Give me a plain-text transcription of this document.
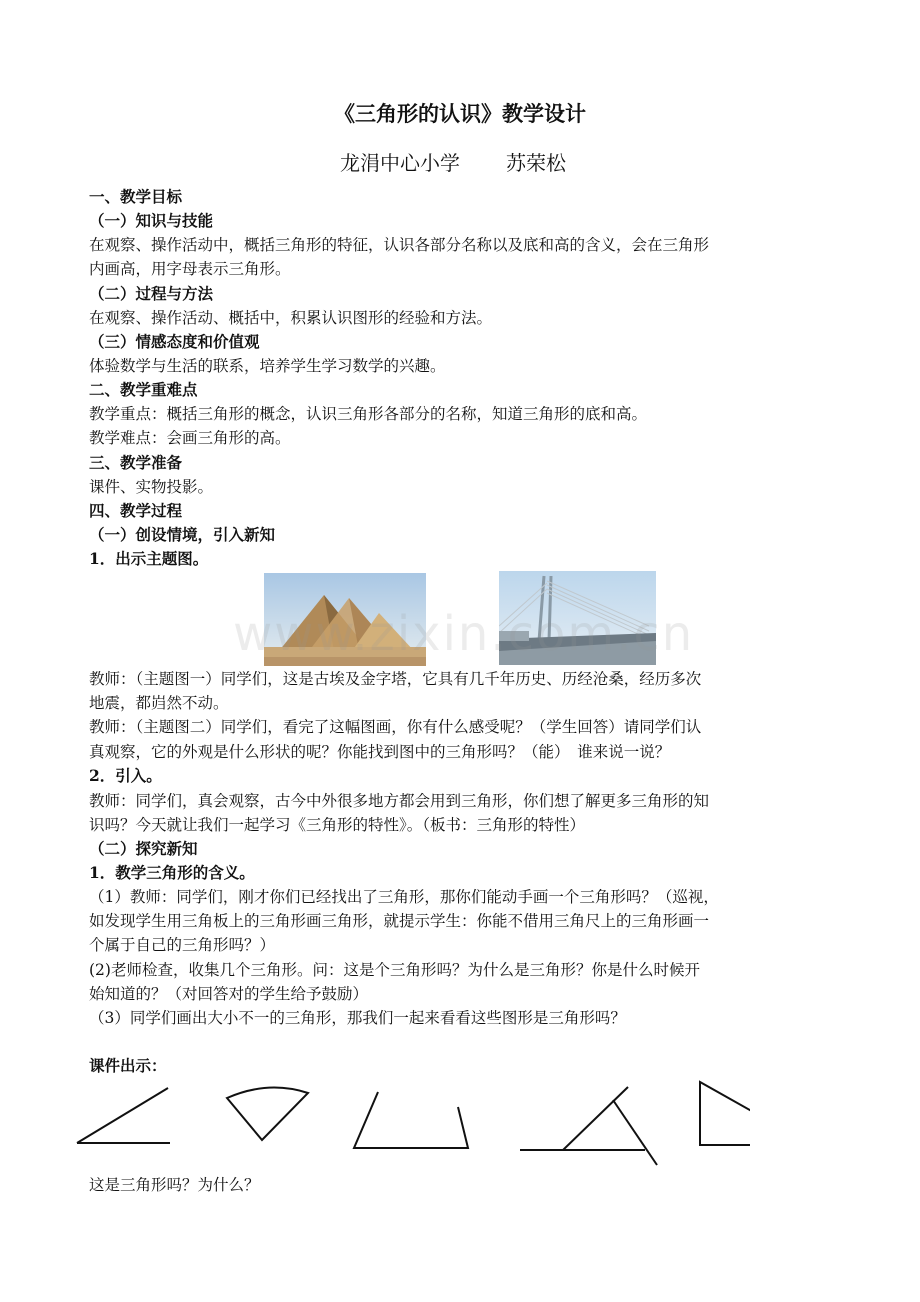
《三角形的认识》教学设计
龙涓中心小学 苏荣松
一、教学目标
（一）知识与技能
在观察、操作活动中，概括三角形的特征，认识各部分名称以及底和高的含义，会在三角形
内画高，用字母表示三角形。
（二）过程与方法
在观察、操作活动、概括中，积累认识图形的经验和方法。
（三）情感态度和价值观
体验数学与生活的联系，培养学生学习数学的兴趣。
二、教学重难点
教学重点：概括三角形的概念，认识三角形各部分的名称，知道三角形的底和高。
教学难点：会画三角形的高。
三、教学准备
课件、实物投影。
四、教学过程
（一）创设情境，引入新知
1．出示主题图。
www.zixin.com.cn
教师：（主题图一）同学们，这是古埃及金字塔，它具有几千年历史、历经沧桑，经历多次
地震，都岿然不动。
教师：（主题图二）同学们，看完了这幅图画，你有什么感受呢？（学生回答）请同学们认
真观察，它的外观是什么形状的呢？你能找到图中的三角形吗？（能）　谁来说一说？
2．引入。
教师：同学们，真会观察，古今中外很多地方都会用到三角形，你们想了解更多三角形的知
识吗？今天就让我们一起学习《三角形的特性》。（板书：三角形的特性）
（二）探究新知
1．教学三角形的含义。
（1）教师：同学们，刚才你们已经找出了三角形，那你们能动手画一个三角形吗？（巡视，
如发现学生用三角板上的三角形画三角形，就提示学生：你能不借用三角尺上的三角形画一
个属于自己的三角形吗？）
(2)老师检查，收集几个三角形。问：这是个三角形吗？为什么是三角形？你是什么时候开
始知道的？（对回答对的学生给予鼓励）
（3）同学们画出大小不一的三角形，那我们一起来看看这些图形是三角形吗？
课件出示：
这是三角形吗？为什么？
